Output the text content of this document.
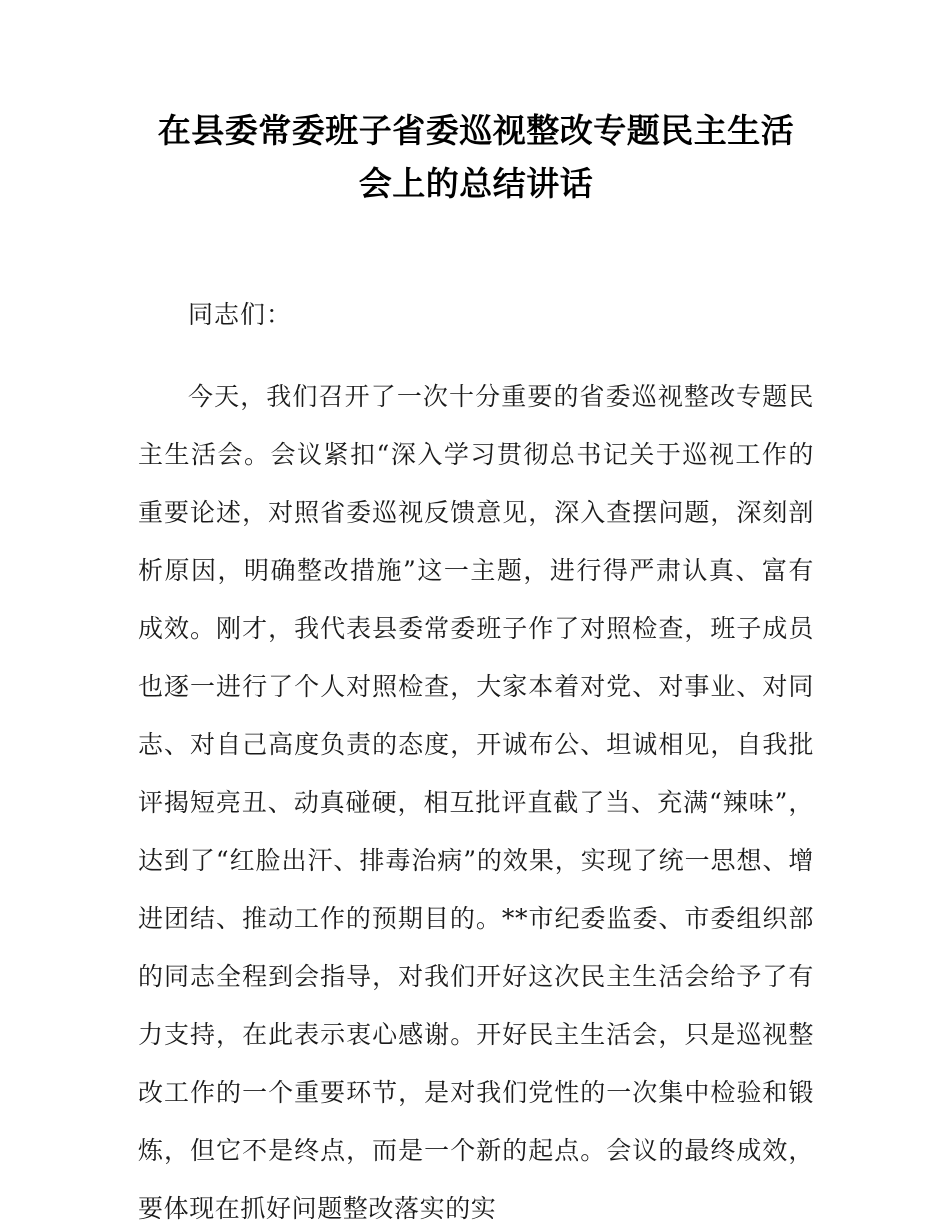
在县委常委班子省委巡视整改专题民主生活会上的总结讲话

同志们：

今天，我们召开了一次十分重要的省委巡视整改专题民主生活会。会议紧扣“深入学习贯彻总书记关于巡视工作的重要论述，对照省委巡视反馈意见，深入查摆问题，深刻剖析原因，明确整改措施”这一主题，进行得严肃认真、富有成效。刚才，我代表县委常委班子作了对照检查，班子成员也逐一进行了个人对照检查，大家本着对党、对事业、对同志、对自己高度负责的态度，开诚布公、坦诚相见，自我批评揭短亮丑、动真碰硬，相互批评直截了当、充满“辣味”，达到了“红脸出汗、排毒治病”的效果，实现了统一思想、增进团结、推动工作的预期目的。**市纪委监委、市委组织部的同志全程到会指导，对我们开好这次民主生活会给予了有力支持，在此表示衷心感谢。开好民主生活会，只是巡视整改工作的一个重要环节，是对我们党性的一次集中检验和锻炼，但它不是终点，而是一个新的起点。会议的最终成效，要体现在抓好问题整改落实的实
